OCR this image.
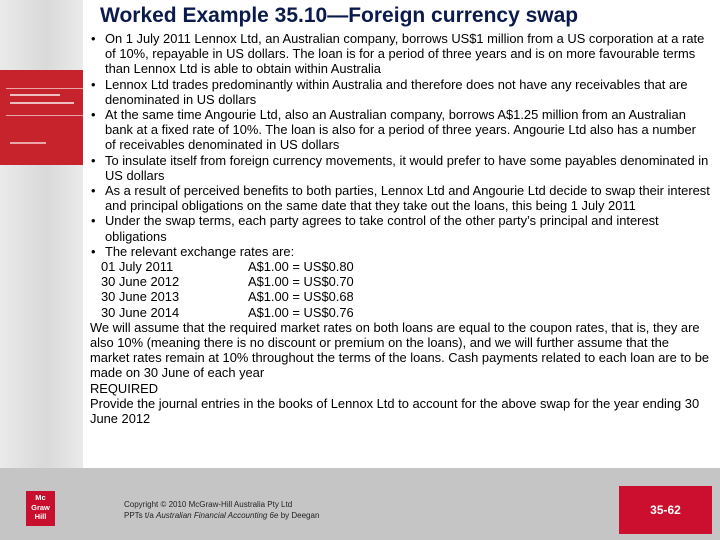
Worked Example 35.10—Foreign currency swap
• On 1 July 2011 Lennox Ltd, an Australian company, borrows US$1 million from a US corporation at a rate of 10%, repayable in US dollars. The loan is for a period of three years and is on more favourable terms than Lennox Ltd is able to obtain within Australia
• Lennox Ltd trades predominantly within Australia and therefore does not have any receivables that are denominated in US dollars
• At the same time Angourie Ltd, also an Australian company, borrows A$1.25 million from an Australian bank at a fixed rate of 10%. The loan is also for a period of three years. Angourie Ltd also has a number of receivables denominated in US dollars
• To insulate itself from foreign currency movements, it would prefer to have some payables denominated in US dollars
• As a result of perceived benefits to both parties, Lennox Ltd and Angourie Ltd decide to swap their interest and principal obligations on the same date that they take out the loans, this being 1 July 2011
• Under the swap terms, each party agrees to take control of the other party’s principal and interest obligations
• The relevant exchange rates are:
01 July 2011	A$1.00 = US$0.80
30 June 2012	A$1.00 = US$0.70
30 June 2013	A$1.00 = US$0.68
30 June 2014	A$1.00 = US$0.76

We will assume that the required market rates on both loans are equal to the coupon rates, that is, they are also 10% (meaning there is no discount or premium on the loans), and we will further assume that the market rates remain at 10% throughout the terms of the loans. Cash payments related to each loan are to be made on 30 June of each year

REQUIRED

Provide the journal entries in the books of Lennox Ltd to account for the above swap for the year ending 30 June 2012

Mc
Graw
Hill
Copyright © 2010 McGraw-Hill Australia Pty Ltd
PPTs t/a Australian Financial Accounting 6e by Deegan	35-62
